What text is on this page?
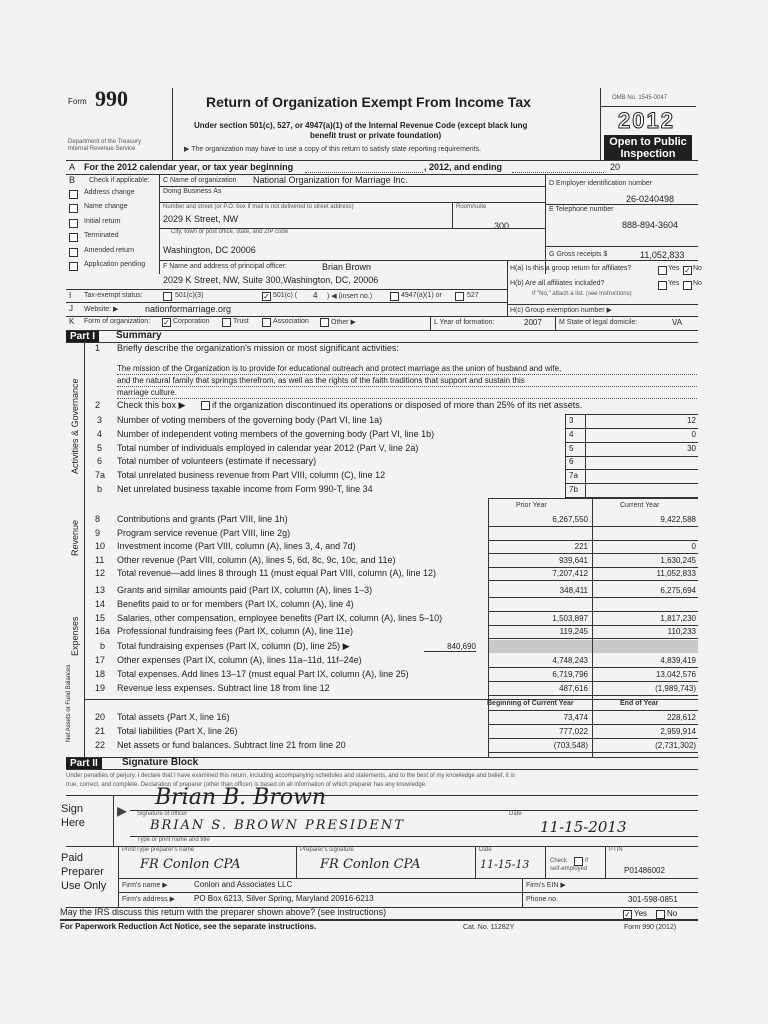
Form 990
Department of the Treasury
Internal Revenue Service
Return of Organization Exempt From Income Tax
Under section 501(c), 527, or 4947(a)(1) of the Internal Revenue Code (except black lung
benefit trust or private foundation)
▶ The organization may have to use a copy of this return to satisfy state reporting requirements.
OMB No. 1545-0047
2012
Open to Public
Inspection
A For the 2012 calendar year, or tax year beginning	, 2012, and ending	20
B Check if applicable:
Address change
Name change
Initial return
Terminated
Amended return
Application pending
C Name of organization National Organization for Marriage Inc.
Doing Business As
Number and street (or P.O. box if mail is not delivered to street address)
2029 K Street, NW
Room/suite
300
City, town or post office, state, and ZIP code
Washington, DC 20006
D Employer identification number
26-0240498
E Telephone number
888-894-3604
G Gross receipts $	11,052,833
F Name and address of principal officer:	Brian Brown
2029 K Street, NW, Suite 300,Washington, DC, 20006
H(a) Is this a group return for affiliates?	Yes ✓ No
H(b) Are all affiliates included?	Yes No
If "No," attach a list. (see instructions)
I Tax-exempt status:	501(c)(3)	✓ 501(c) ( 4 ) ◀ (insert no.)	4947(a)(1) or	527
J Website: ▶	nationformarriage.org	H(c) Group exemption number ▶
K Form of organization: ✓ Corporation	Trust	Association	Other ▶	L Year of formation:	2007 M State of legal domicile:	VA
Part I	Summary
Activities & Governance
Revenue
Expenses
Net Assets or Fund Balances
1 Briefly describe the organization's mission or most significant activities:
The mission of the Organization is to provide for educational outreach and protect marriage as the union of husband and wife,
and the natural family that springs therefrom, as well as the rights of the faith traditions that support and sustain this
marriage culture.
2 Check this box ▶	if the organization discontinued its operations or disposed of more than 25% of its net assets.
3 Number of voting members of the governing body (Part VI, line 1a)	3	12
4 Number of independent voting members of the governing body (Part VI, line 1b)	4	0
5 Total number of individuals employed in calendar year 2012 (Part V, line 2a)	5	30
6 Total number of volunteers (estimate if necessary)	6
7a Total unrelated business revenue from Part VIII, column (C), line 12	7a
b Net unrelated business taxable income from Form 990-T, line 34	7b
Prior Year	Current Year
8 Contributions and grants (Part VIII, line 1h)	6,267,550	9,422,588
9 Program service revenue (Part VIII, line 2g)
10 Investment income (Part VIII, column (A), lines 3, 4, and 7d)	221	0
11 Other revenue (Part VIII, column (A), lines 5, 6d, 8c, 9c, 10c, and 11e)	939,641	1,630,245
12 Total revenue—add lines 8 through 11 (must equal Part VIII, column (A), line 12)	7,207,412	11,052,833
13 Grants and similar amounts paid (Part IX, column (A), lines 1–3)	348,411	6,275,694
14 Benefits paid to or for members (Part IX, column (A), line 4)
15 Salaries, other compensation, employee benefits (Part IX, column (A), lines 5–10)	1,503,897	1,817,230
16a Professional fundraising fees (Part IX, column (A), line 11e)	119,245	110,233
b Total fundraising expenses (Part IX, column (D), line 25) ▶	840,690
17 Other expenses (Part IX, column (A), lines 11a–11d, 11f–24e)	4,748,243	4,839,419
18 Total expenses. Add lines 13–17 (must equal Part IX, column (A), line 25)	6,719,796	13,042,576
19 Revenue less expenses. Subtract line 18 from line 12	487,616	(1,989,743)
Beginning of Current Year	End of Year
20 Total assets (Part X, line 16)	73,474	228,612
21 Total liabilities (Part X, line 26)	777,022	2,959,914
22 Net assets or fund balances. Subtract line 21 from line 20	(703,548)	(2,731,302)
Part II	Signature Block
Under penalties of perjury, I declare that I have examined this return, including accompanying schedules and statements, and to the best of my knowledge and belief, it is
true, correct, and complete. Declaration of preparer (other than officer) is based on all information of which preparer has any knowledge.
Sign
Here
▸
Brian B. Brown
Signature of officer	Date
BRIAN S. BROWN PRESIDENT	11-15-2013
Type or print name and title
Paid
Preparer
Use Only
Print/Type preparer's name
FR Conlon CPA
Preparer's signature
FR Conlon CPA
Date
11-15-13	Check	if
self-employed
PTIN
P01486002
Firm's name ▶	Conlon and Associates LLC	Firm's EIN ▶
Firm's address ▶ PO Box 6213, Silver Spring, Maryland 20916-6213	Phone no.	301-598-0851
May the IRS discuss this return with the preparer shown above? (see instructions)	✓ Yes No
For Paperwork Reduction Act Notice, see the separate instructions.	Cat. No. 11282Y	Form 990 (2012)
